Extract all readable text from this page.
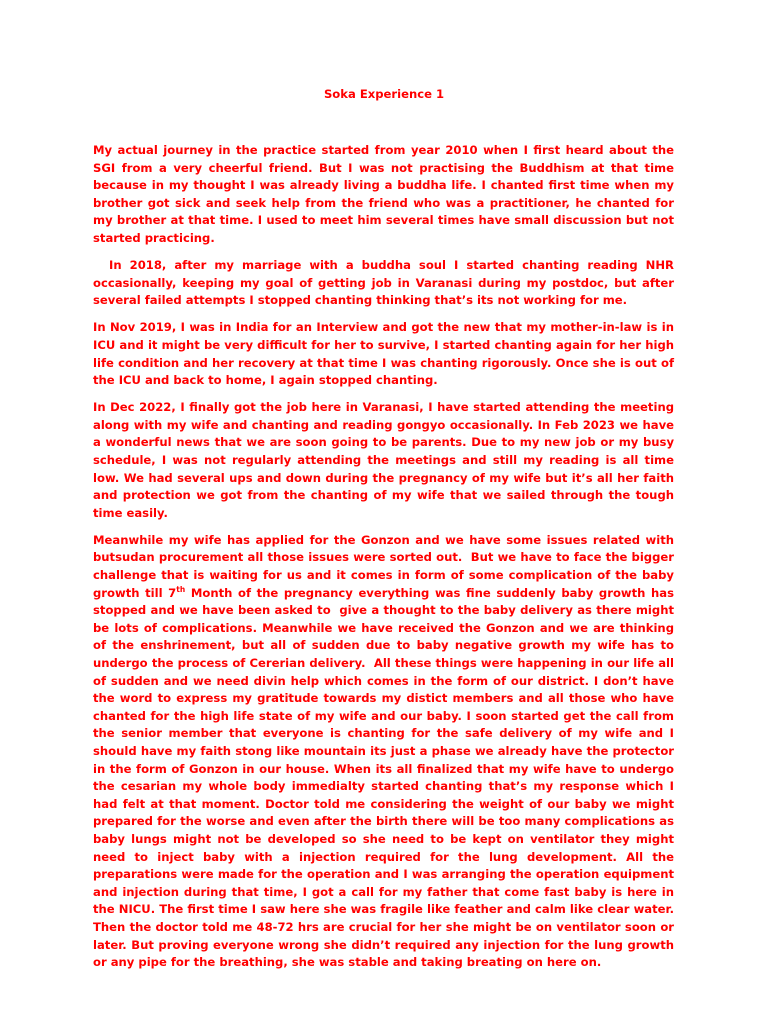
Soka Experience 1

My actual journey in the practice started from year 2010 when I first heard about the SGI from a very cheerful friend. But I was not practising the Buddhism at that time because in my thought I was already living a buddha life. I chanted first time when my brother got sick and seek help from the friend who was a practitioner, he chanted for my brother at that time. I used to meet him several times have small discussion but not started practicing.

In 2018, after my marriage with a buddha soul I started chanting reading NHR occasionally, keeping my goal of getting job in Varanasi during my postdoc, but after several failed attempts I stopped chanting thinking that’s its not working for me.

In Nov 2019, I was in India for an Interview and got the new that my mother-in-law is in ICU and it might be very difficult for her to survive, I started chanting again for her high life condition and her recovery at that time I was chanting rigorously. Once she is out of the ICU and back to home, I again stopped chanting.

In Dec 2022, I finally got the job here in Varanasi, I have started attending the meeting along with my wife and chanting and reading gongyo occasionally. In Feb 2023 we have a wonderful news that we are soon going to be parents. Due to my new job or my busy schedule, I was not regularly attending the meetings and still my reading is all time low. We had several ups and down during the pregnancy of my wife but it’s all her faith and protection we got from the chanting of my wife that we sailed through the tough time easily.

Meanwhile my wife has applied for the Gonzon and we have some issues related with butsudan procurement all those issues were sorted out.  But we have to face the bigger challenge that is waiting for us and it comes in form of some complication of the baby growth till 7th Month of the pregnancy everything was fine suddenly baby growth has stopped and we have been asked to  give a thought to the baby delivery as there might be lots of complications. Meanwhile we have received the Gonzon and we are thinking of the enshrinement, but all of sudden due to baby negative growth my wife has to undergo the process of Cererian delivery.  All these things were happening in our life all of sudden and we need divin help which comes in the form of our district. I don’t have the word to express my gratitude towards my distict members and all those who have chanted for the high life state of my wife and our baby. I soon started get the call from the senior member that everyone is chanting for the safe delivery of my wife and I should have my faith stong like mountain its just a phase we already have the protector in the form of Gonzon in our house. When its all finalized that my wife have to undergo the cesarian my whole body immedialty started chanting that’s my response which I had felt at that moment. Doctor told me considering the weight of our baby we might prepared for the worse and even after the birth there will be too many complications as baby lungs might not be developed so she need to be kept on ventilator they might need to inject baby with a injection required for the lung development. All the preparations were made for the operation and I was arranging the operation equipment and injection during that time, I got a call for my father that come fast baby is here in the NICU. The first time I saw here she was fragile like feather and calm like clear water. Then the doctor told me 48-72 hrs are crucial for her she might be on ventilator soon or later. But proving everyone wrong she didn’t required any injection for the lung growth or any pipe for the breathing, she was stable and taking breating on here on.
